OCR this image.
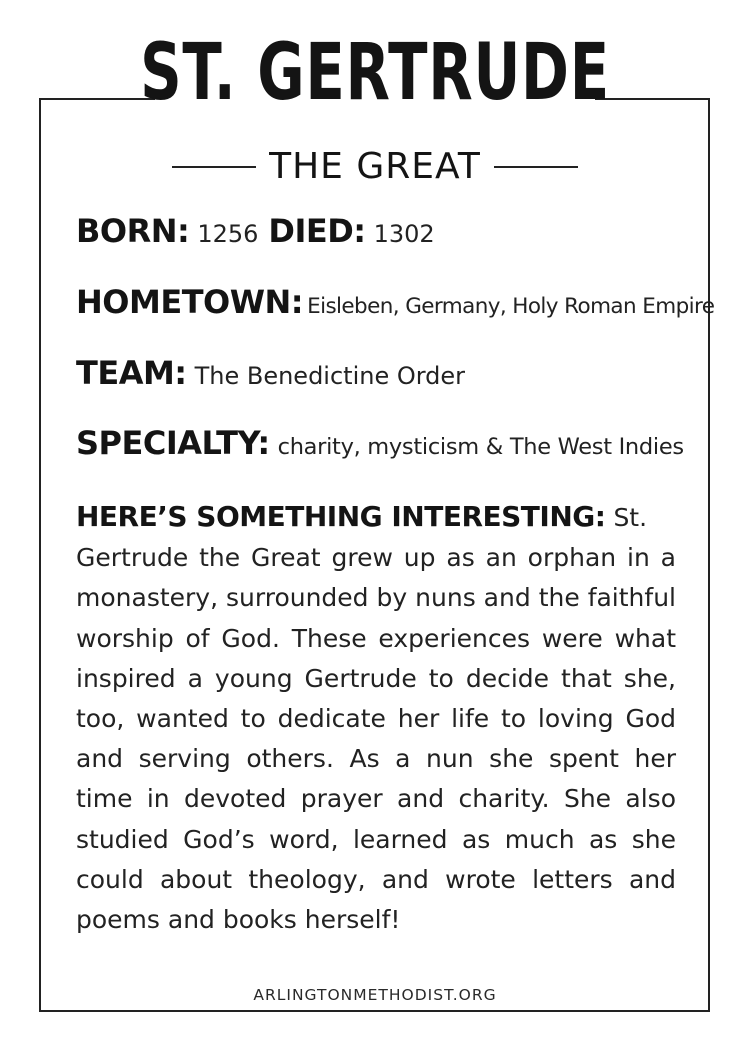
ST. GERTRUDE
THE GREAT
BORN: 1256 DIED: 1302
HOMETOWN: Eisleben, Germany, Holy Roman Empire
TEAM: The Benedictine Order
SPECIALTY: charity, mysticism & The West Indies
HERE’S SOMETHING INTERESTING: St. Gertrude the Great grew up as an orphan in a monastery, surrounded by nuns and the faithful worship of God. These experiences were what inspired a young Gertrude to decide that she, too, wanted to dedicate her life to loving God and serving others. As a nun she spent her time in devoted prayer and charity. She also studied God’s word, learned as much as she could about theology, and wrote letters and poems and books herself!
ARLINGTONMETHODIST.ORG
